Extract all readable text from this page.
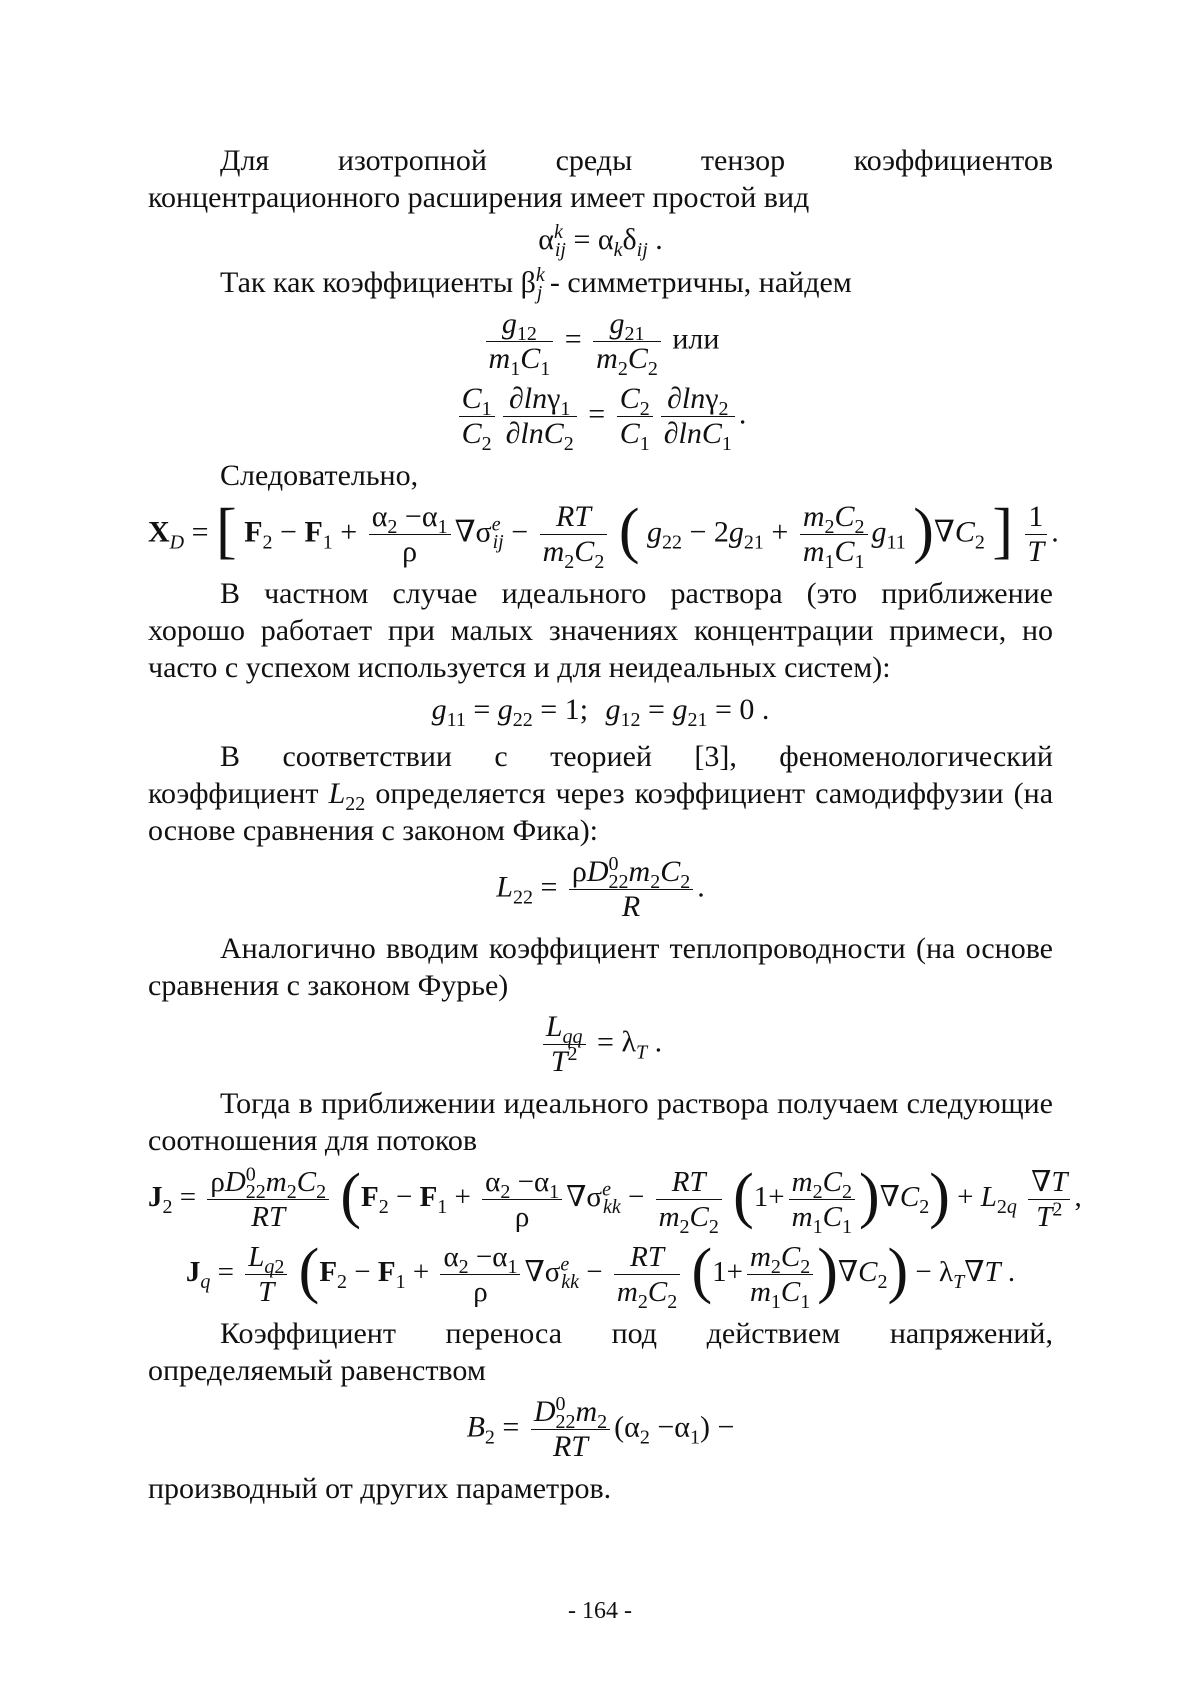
Для изотропной среды тензор коэффициентов концентрационного расширения имеет простой вид

$\alpha^k_{ij} = \alpha_k\delta_{ij}$ .

Так как коэффициенты $\beta^k_j$ - симметричны, найдем

$\frac{g_{12}}{m_1C_1} = \frac{g_{21}}{m_2C_2}$ или
$\frac{C_1}{C_2} \frac{\partial\ln\gamma_1}{\partial\ln C_2} = \frac{C_2}{C_1} \frac{\partial\ln\gamma_2}{\partial\ln C_1}$ .

Следовательно,

$X_D$ = [ $F_2 - F_1 + \frac{\alpha_2 -\alpha_1}{\rho} \nabla\sigma^e_{ij} - \frac{RT}{m_2C_2}$ ( $g_{22} - 2g_{21} + \frac{m_2C_2}{m_1C_1} g_{11}$ )$\nabla C_2$ ] $\frac{1}{T}$ .

В частном случае идеального раствора (это приближение хорошо работает при малых значениях концентрации примеси, но часто с успехом используется и для неидеальных систем):

$g_{11} = g_{22} = 1$; $g_{12} = g_{21} = 0$ .

В соответствии с теорией [3], феноменологический коэффициент $L_{22}$ определяется через коэффициент самодиффузии (на основе сравнения с законом Фика):

$L_{22} = \frac{\rho D^0_{22}m_2C_2}{R}$ .

Аналогично вводим коэффициент теплопроводности (на основе сравнения с законом Фурье)

$\frac{L_{qq}}{T^2} = \lambda_T$ .

Тогда в приближении идеального раствора получаем следующие соотношения для потоков

$J_2 = \frac{\rho D^0_{22}m_2C_2}{RT} (F_2 - F_1 + \frac{\alpha_2 -\alpha_1}{\rho} \nabla\sigma^e_{kk} - \frac{RT}{m_2C_2} (1+ \frac{m_2C_2}{m_1C_1} )\nabla C_2) + L_{2q} \frac{\nabla T}{T^2}$ ,
$J_q = \frac{L_{q2}}{T} (F_2 - F_1 + \frac{\alpha_2 -\alpha_1}{\rho} \nabla\sigma^e_{kk} - \frac{RT}{m_2C_2} (1+ \frac{m_2C_2}{m_1C_1} )\nabla C_2) - \lambda_T\nabla T$ .

Коэффициент переноса под действием напряжений, определяемый равенством

$B_2 = \frac{D^0_{22}m_2}{RT} (\alpha_2 -\alpha_1)$ −

производный от других параметров.

- 164 -
